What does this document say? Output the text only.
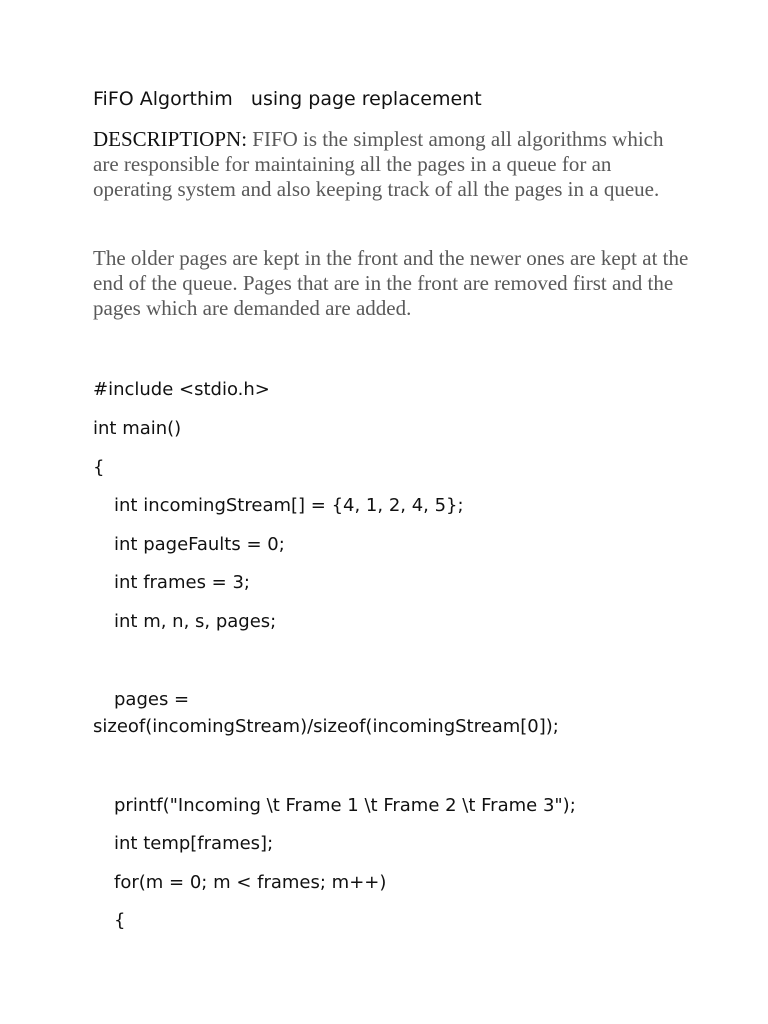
FiFO Algorthim   using page replacement
DESCRIPTIOPN: FIFO is the simplest among all algorithms which are responsible for maintaining all the pages in a queue for an operating system and also keeping track of all the pages in a queue.
The older pages are kept in the front and the newer ones are kept at the end of the queue. Pages that are in the front are removed first and the pages which are demanded are added.
#include <stdio.h>
int main()
{
int incomingStream[] = {4, 1, 2, 4, 5};
int pageFaults = 0;
int frames = 3;
int m, n, s, pages;
pages =
sizeof(incomingStream)/sizeof(incomingStream[0]);
printf("Incoming \t Frame 1 \t Frame 2 \t Frame 3");
int temp[frames];
for(m = 0; m < frames; m++)
{
